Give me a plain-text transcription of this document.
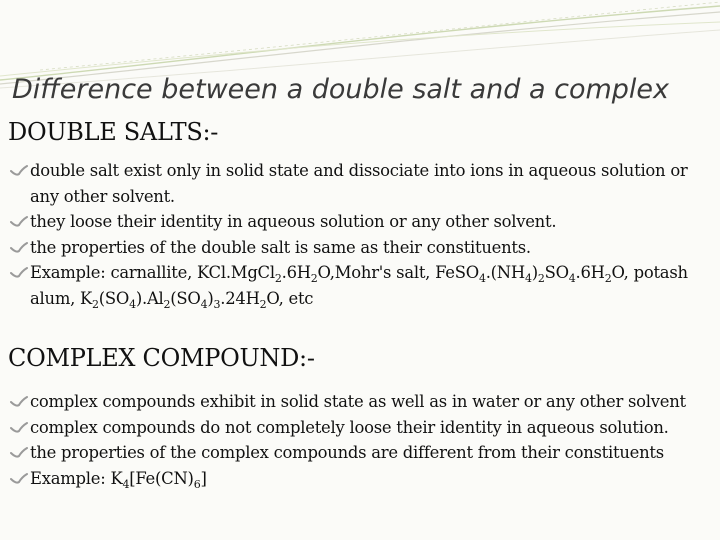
Difference between a double salt and a complex
DOUBLE SALTS:-
double salt exist only in solid state and dissociate into ions in aqueous solution or any other solvent.
they loose their identity in aqueous solution or any other solvent.
the properties of the double salt is same as their constituents.
Example: carnallite, $KCl.MgCl_2.6H_2O,Mohr's$ salt, $FeSO_4.(NH_4)_2SO_4.6H_2O$, potash alum, $K_2(SO_4).Al_2(SO_4)_3.24H_2O$, etc
COMPLEX COMPOUND:-
complex compounds exhibit in solid state as well as in water or any other solvent
complex compounds do not completely loose their identity in aqueous solution.
the properties of the complex compounds are different from their constituents
Example: $K_4[Fe(CN)_6]$
